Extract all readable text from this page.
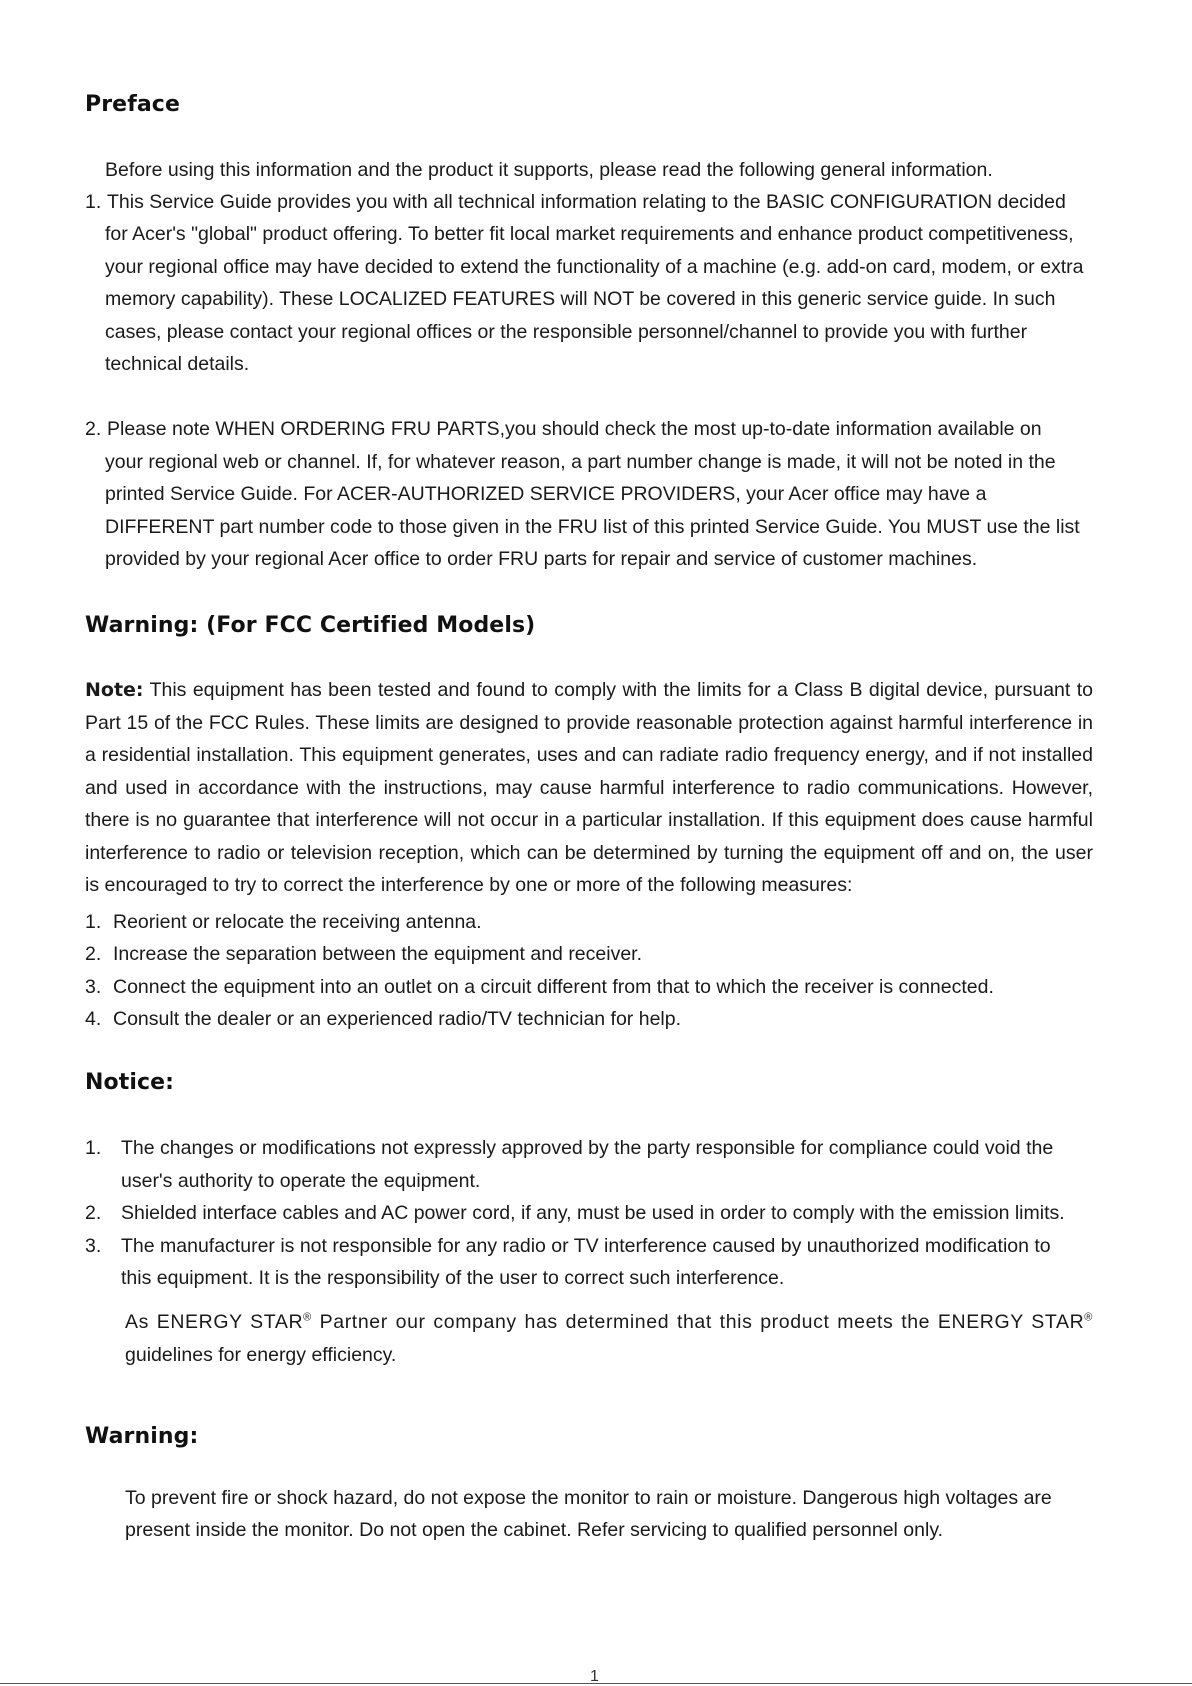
Preface
Before using this information and the product it supports, please read the following general information.
1. This Service Guide provides you with all technical information relating to the BASIC CONFIGURATION decided
for Acer's "global" product offering. To better fit local market requirements and enhance product competitiveness,
your regional office may have decided to extend the functionality of a machine (e.g. add-on card, modem, or extra
memory capability). These LOCALIZED FEATURES will NOT be covered in this generic service guide. In such
cases, please contact your regional offices or the responsible personnel/channel to provide you with further
technical details.
2. Please note WHEN ORDERING FRU PARTS,you should check the most up-to-date information available on
your regional web or channel. If, for whatever reason, a part number change is made, it will not be noted in the
printed Service Guide. For ACER-AUTHORIZED SERVICE PROVIDERS, your Acer office may have a
DIFFERENT part number code to those given in the FRU list of this printed Service Guide. You MUST use the list
provided by your regional Acer office to order FRU parts for repair and service of customer machines.
Warning: (For FCC Certified Models)
Note: This equipment has been tested and found to comply with the limits for a Class B digital device, pursuant to Part 15 of the FCC Rules. These limits are designed to provide reasonable protection against harmful interference in a residential installation. This equipment generates, uses and can radiate radio frequency energy, and if not installed and used in accordance with the instructions, may cause harmful interference to radio communications. However, there is no guarantee that interference will not occur in a particular installation. If this equipment does cause harmful interference to radio or television reception, which can be determined by turning the equipment off and on, the user is encouraged to try to correct the interference by one or more of the following measures:
1. Reorient or relocate the receiving antenna.
2. Increase the separation between the equipment and receiver.
3. Connect the equipment into an outlet on a circuit different from that to which the receiver is connected.
4. Consult the dealer or an experienced radio/TV technician for help.
Notice:
1. The changes or modifications not expressly approved by the party responsible for compliance could void the
user's authority to operate the equipment.
2. Shielded interface cables and AC power cord, if any, must be used in order to comply with the emission limits.
3. The manufacturer is not responsible for any radio or TV interference caused by unauthorized modification to
this equipment. It is the responsibility of the user to correct such interference.
As ENERGY STAR® Partner our company has determined that this product meets the ENERGY STAR® guidelines for energy efficiency.
Warning:
To prevent fire or shock hazard, do not expose the monitor to rain or moisture. Dangerous high voltages are
present inside the monitor. Do not open the cabinet. Refer servicing to qualified personnel only.
1
